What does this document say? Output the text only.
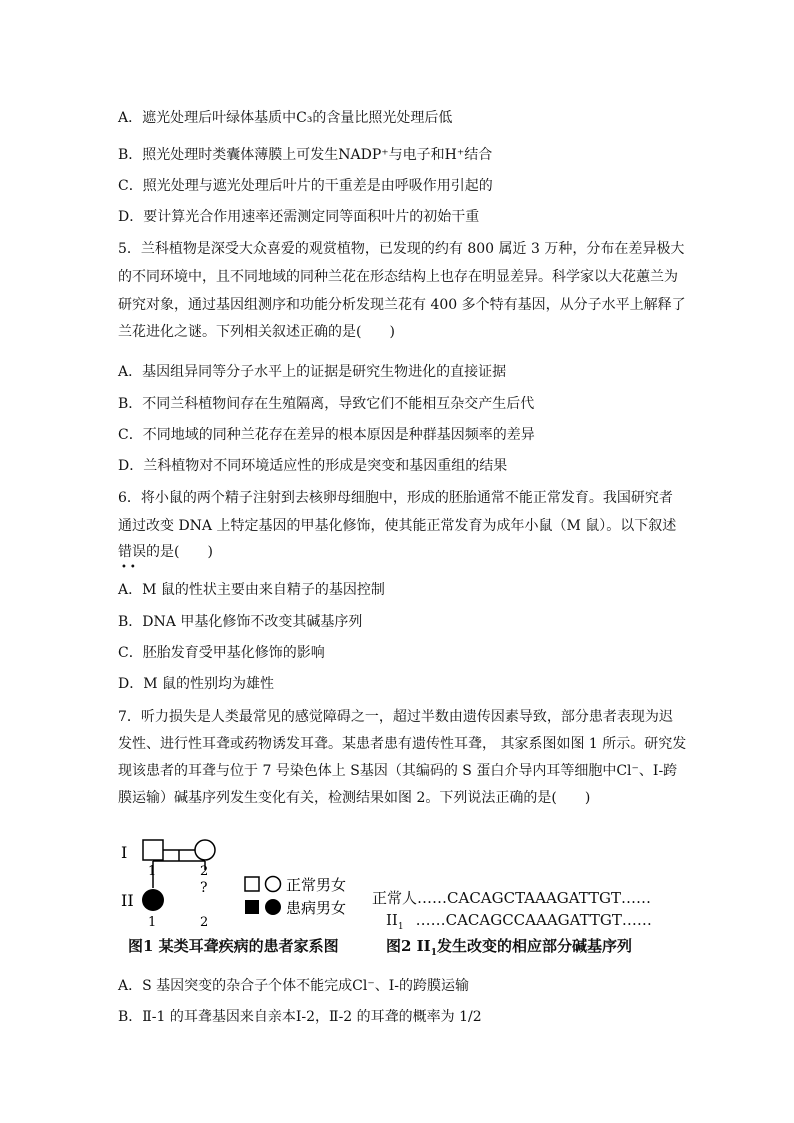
A．遮光处理后叶绿体基质中C₃的含量比照光处理后低
B．照光处理时类囊体薄膜上可发生NADP⁺与电子和H⁺结合
C．照光处理与遮光处理后叶片的干重差是由呼吸作用引起的
D．要计算光合作用速率还需测定同等面积叶片的初始干重
5．兰科植物是深受大众喜爱的观赏植物，已发现的约有 800 属近 3 万种，分布在差异极大
的不同环境中，且不同地域的同种兰花在形态结构上也存在明显差异。科学家以大花蕙兰为
研究对象，通过基因组测序和功能分析发现兰花有 400 多个特有基因，从分子水平上解释了
兰花进化之谜。下列相关叙述正确的是(　　)
A．基因组异同等分子水平上的证据是研究生物进化的直接证据
B．不同兰科植物间存在生殖隔离，导致它们不能相互杂交产生后代
C．不同地域的同种兰花存在差异的根本原因是种群基因频率的差异
D．兰科植物对不同环境适应性的形成是突变和基因重组的结果
6．将小鼠的两个精子注射到去核卵母细胞中，形成的胚胎通常不能正常发育。我国研究者
通过改变 DNA 上特定基因的甲基化修饰，使其能正常发育为成年小鼠（M 鼠）。以下叙述
错误的是(　　)
••
A．M 鼠的性状主要由来自精子的基因控制
B．DNA 甲基化修饰不改变其碱基序列
C．胚胎发育受甲基化修饰的影响
D．M 鼠的性别均为雄性
7．听力损失是人类最常见的感觉障碍之一，超过半数由遗传因素导致，部分患者表现为迟
发性、进行性耳聋或药物诱发耳聋。某患者患有遗传性耳聋， 其家系图如图 1 所示。研究发
现该患者的耳聋与位于 7 号染色体上 S基因（其编码的 S 蛋白介导内耳等细胞中Cl⁻、I-跨
膜运输）碱基序列发生变化有关，检测结果如图 2。下列说法正确的是(　　)
I
1	2
II
?
1	2
正常男女
患病男女
图1 某类耳聋疾病的患者家系图
正常人……CACAGCTAAAGATTGT……
$II_1$ ……CACAGCCAAAGATTGT……
图2 $II_1$发生改变的相应部分碱基序列
A．S 基因突变的杂合子个体不能完成Cl⁻、I-的跨膜运输
B．Ⅱ-1 的耳聋基因来自亲本Ⅰ-2，Ⅱ-2 的耳聋的概率为 1/2
